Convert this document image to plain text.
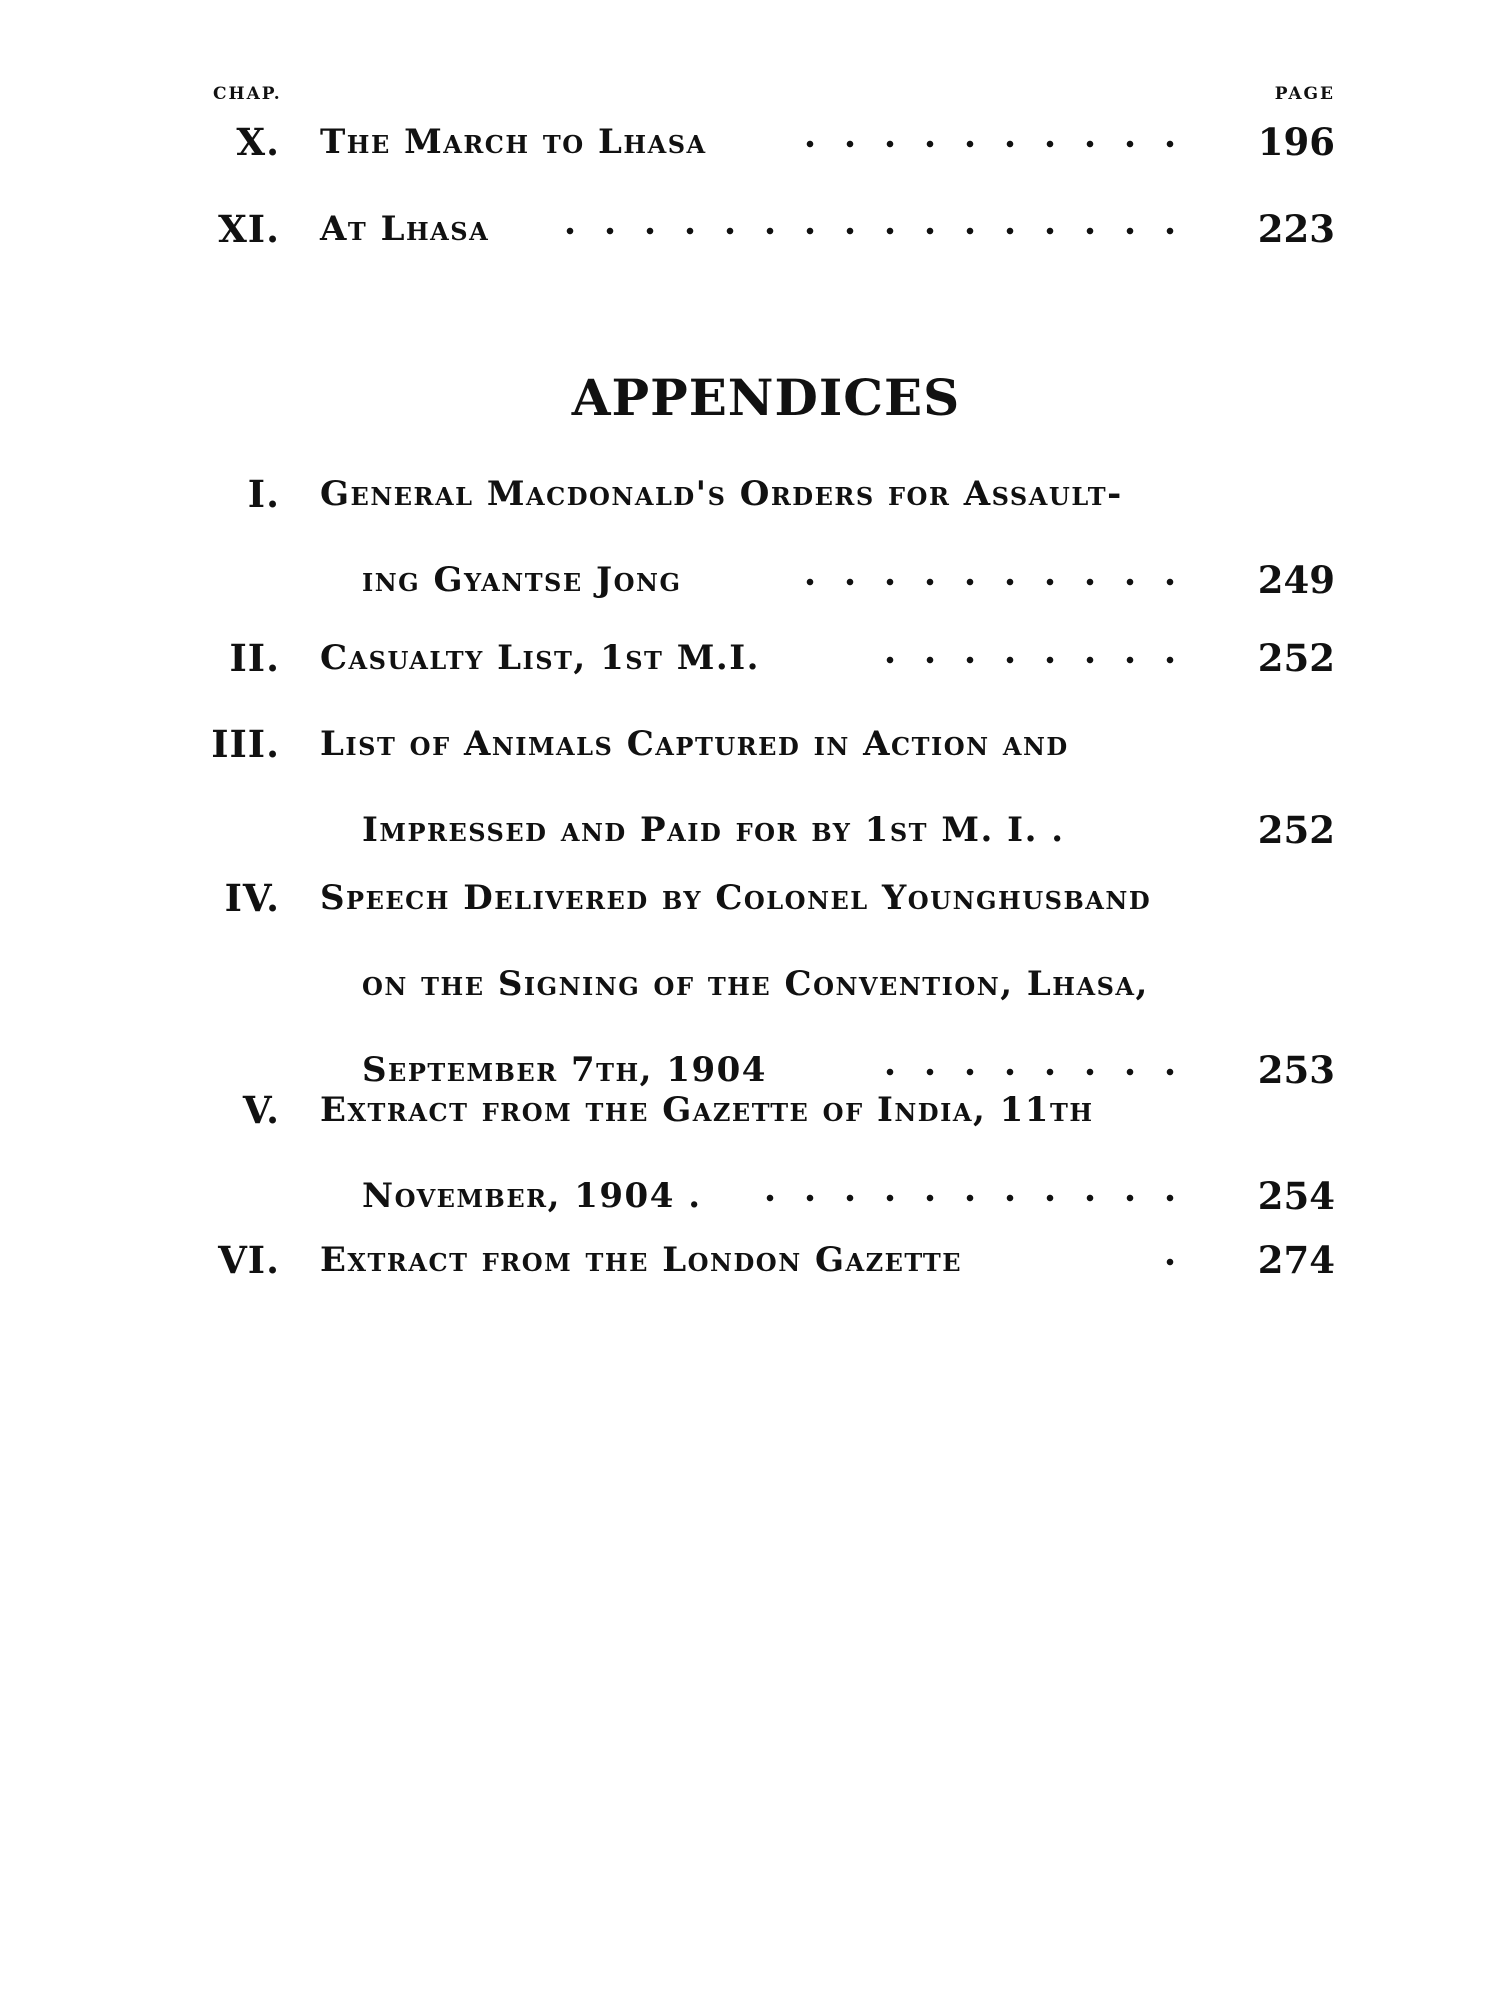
CHAP.	PAGE
X. The March to Lhasa	196
XI. At Lhasa	223
APPENDICES
I. General Macdonald's Orders for Assault-
ing Gyantse Jong	249
II. Casualty List, 1st M.I.	252
III. List of Animals Captured in Action and
Impressed and Paid for by 1st M. I. .	252
IV. Speech Delivered by Colonel Younghusband
on the Signing of the Convention, Lhasa,
September 7th, 1904	253
V. Extract from the Gazette of India, 11th
November, 1904 .	254
VI. Extract from the London Gazette	274
